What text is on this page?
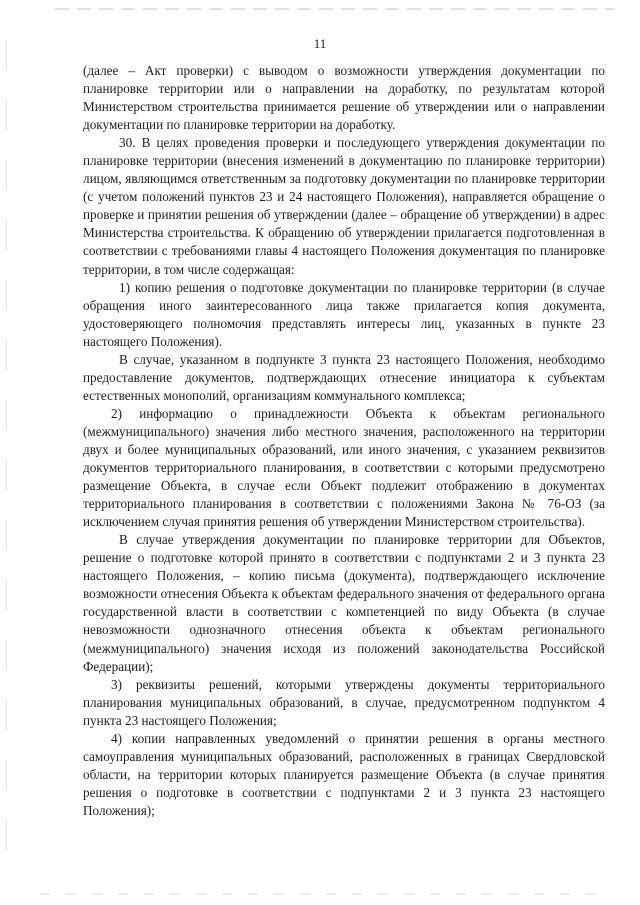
11

(далее – Акт проверки) с выводом о возможности утверждения документации по планировке территории или о направлении на доработку, по результатам которой Министерством строительства принимается решение об утверждении или о направлении документации по планировке территории на доработку.

30. В целях проведения проверки и последующего утверждения документации по планировке территории (внесения изменений в документацию по планировке территории) лицом, являющимся ответственным за подготовку документации по планировке территории (с учетом положений пунктов 23 и 24 настоящего Положения), направляется обращение о проверке и принятии решения об утверждении (далее – обращение об утверждении) в адрес Министерства строительства. К обращению об утверждении прилагается подготовленная в соответствии с требованиями главы 4 настоящего Положения документация по планировке территории, в том числе содержащая:

1) копию решения о подготовке документации по планировке территории (в случае обращения иного заинтересованного лица также прилагается копия документа, удостоверяющего полномочия представлять интересы лиц, указанных в пункте 23 настоящего Положения).

В случае, указанном в подпункте 3 пункта 23 настоящего Положения, необходимо предоставление документов, подтверждающих отнесение инициатора к субъектам естественных монополий, организациям коммунального комплекса;

2) информацию о принадлежности Объекта к объектам регионального (межмуниципального) значения либо местного значения, расположенного на территории двух и более муниципальных образований, или иного значения, с указанием реквизитов документов территориального планирования, в соответствии с которыми предусмотрено размещение Объекта, в случае если Объект подлежит отображению в документах территориального планирования в соответствии с положениями Закона № 76-ОЗ (за исключением случая принятия решения об утверждении Министерством строительства).

В случае утверждения документации по планировке территории для Объектов, решение о подготовке которой принято в соответствии с подпунктами 2 и 3 пункта 23 настоящего Положения, – копию письма (документа), подтверждающего исключение возможности отнесения Объекта к объектам федерального значения от федерального органа государственной власти в соответствии с компетенцией по виду Объекта (в случае невозможности однозначного отнесения объекта к объектам регионального (межмуниципального) значения исходя из положений законодательства Российской Федерации);

3) реквизиты решений, которыми утверждены документы территориального планирования муниципальных образований, в случае, предусмотренном подпунктом 4 пункта 23 настоящего Положения;

4) копии направленных уведомлений о принятии решения в органы местного самоуправления муниципальных образований, расположенных в границах Свердловской области, на территории которых планируется размещение Объекта (в случае принятия решения о подготовке в соответствии с подпунктами 2 и 3 пункта 23 настоящего Положения);
